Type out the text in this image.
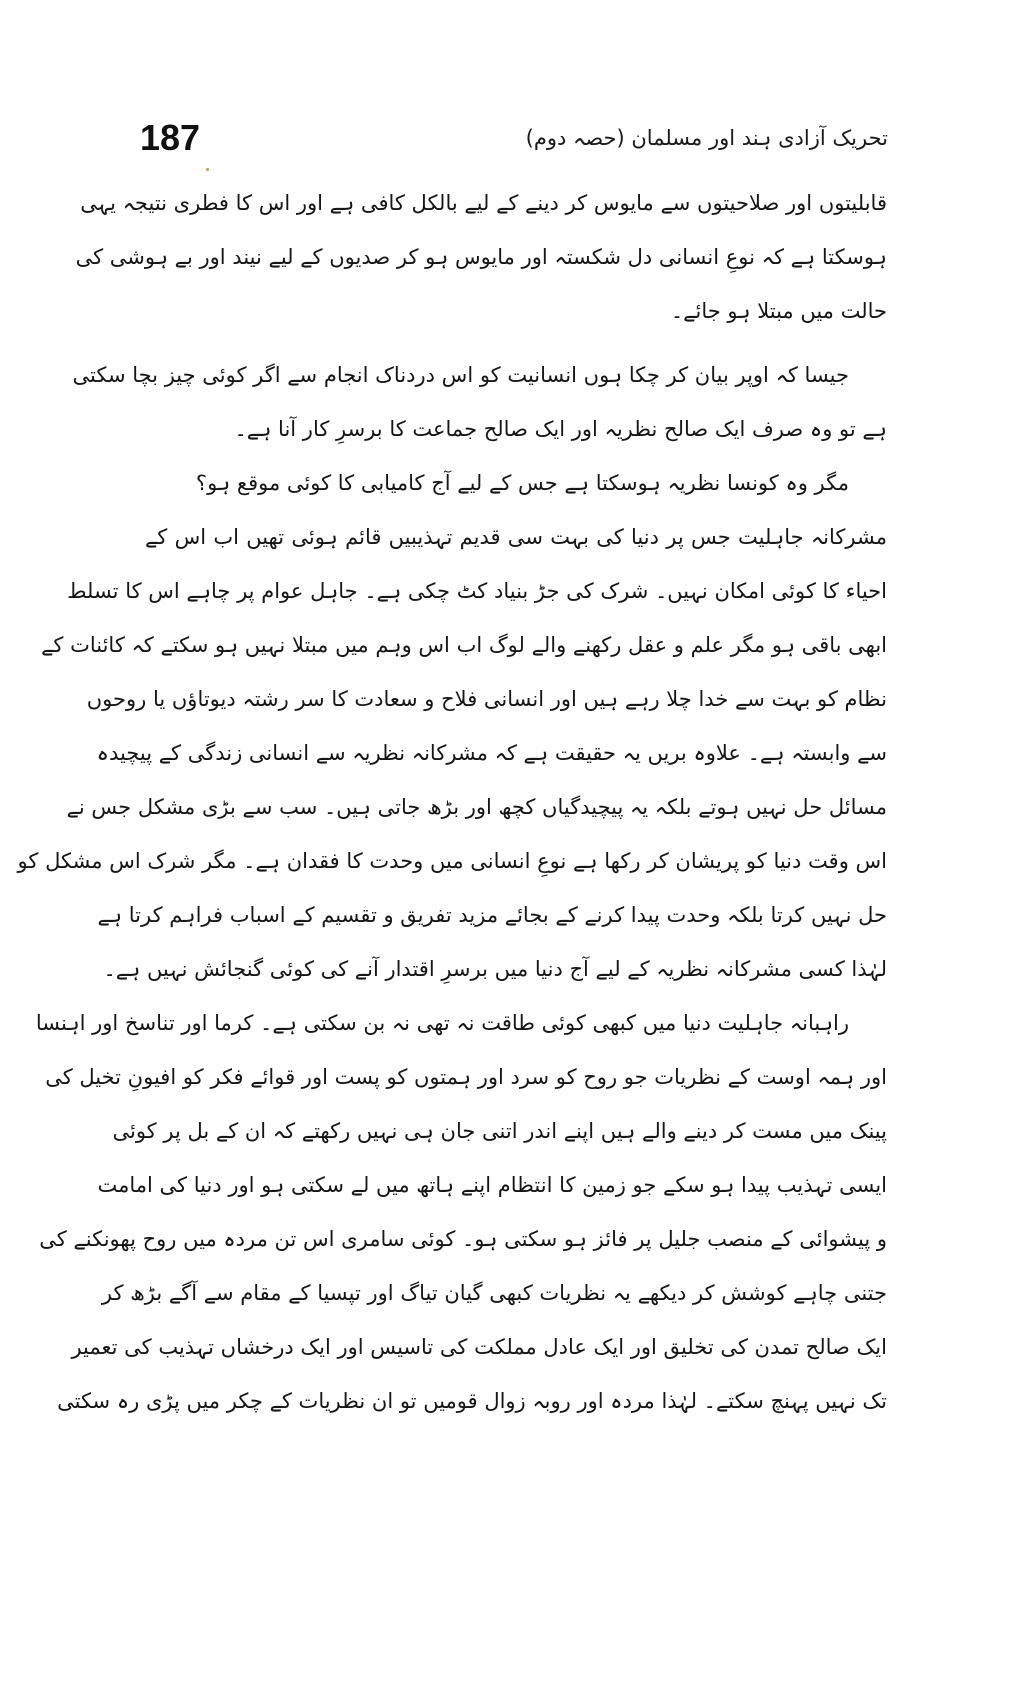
187	تحریک آزادی ہند اور مسلمان (حصہ دوم)
قابلیتوں اور صلاحیتوں سے مایوس کر دینے کے لیے بالکل کافی ہے اور اس کا فطری نتیجہ یہی
ہوسکتا ہے کہ نوعِ انسانی دل شکستہ اور مایوس ہو کر صدیوں کے لیے نیند اور بے ہوشی کی
حالت میں مبتلا ہو جائے۔
جیسا کہ اوپر بیان کر چکا ہوں انسانیت کو اس دردناک انجام سے اگر کوئی چیز بچا سکتی
ہے تو وہ صرف ایک صالح نظریہ اور ایک صالح جماعت کا برسرِ کار آنا ہے۔
مگر وہ کونسا نظریہ ہوسکتا ہے جس کے لیے آج کامیابی کا کوئی موقع ہو؟
مشرکانہ جاہلیت جس پر دنیا کی بہت سی قدیم تہذیبیں قائم ہوئی تھیں اب اس کے
احیاء کا کوئی امکان نہیں۔ شرک کی جڑ بنیاد کٹ چکی ہے۔ جاہل عوام پر چاہے اس کا تسلط
ابھی باقی ہو مگر علم و عقل رکھنے والے لوگ اب اس وہم میں مبتلا نہیں ہو سکتے کہ کائنات کے
نظام کو بہت سے خدا چلا رہے ہیں اور انسانی فلاح و سعادت کا سر رشتہ دیوتاؤں یا روحوں
سے وابستہ ہے۔ علاوہ بریں یہ حقیقت ہے کہ مشرکانہ نظریہ سے انسانی زندگی کے پیچیدہ
مسائل حل نہیں ہوتے بلکہ یہ پیچیدگیاں کچھ اور بڑھ جاتی ہیں۔ سب سے بڑی مشکل جس نے
اس وقت دنیا کو پریشان کر رکھا ہے نوعِ انسانی میں وحدت کا فقدان ہے۔ مگر شرک اس مشکل کو
حل نہیں کرتا بلکہ وحدت پیدا کرنے کے بجائے مزید تفریق و تقسیم کے اسباب فراہم کرتا ہے
لہٰذا کسی مشرکانہ نظریہ کے لیے آج دنیا میں برسرِ اقتدار آنے کی کوئی گنجائش نہیں ہے۔
راہبانہ جاہلیت دنیا میں کبھی کوئی طاقت نہ تھی نہ بن سکتی ہے۔ کرما اور تناسخ اور اہنسا
اور ہمہ اوست کے نظریات جو روح کو سرد اور ہمتوں کو پست اور قوائے فکر کو افیونِ تخیل کی
پینک میں مست کر دینے والے ہیں اپنے اندر اتنی جان ہی نہیں رکھتے کہ ان کے بل پر کوئی
ایسی تہذیب پیدا ہو سکے جو زمین کا انتظام اپنے ہاتھ میں لے سکتی ہو اور دنیا کی امامت
و پیشوائی کے منصب جلیل پر فائز ہو سکتی ہو۔ کوئی سامری اس تن مردہ میں روح پھونکنے کی
جتنی چاہے کوشش کر دیکھے یہ نظریات کبھی گیان تیاگ اور تپسیا کے مقام سے آگے بڑھ کر
ایک صالح تمدن کی تخلیق اور ایک عادل مملکت کی تاسیس اور ایک درخشاں تہذیب کی تعمیر
تک نہیں پہنچ سکتے۔ لہٰذا مردہ اور روبہ زوال قومیں تو ان نظریات کے چکر میں پڑی رہ سکتی
